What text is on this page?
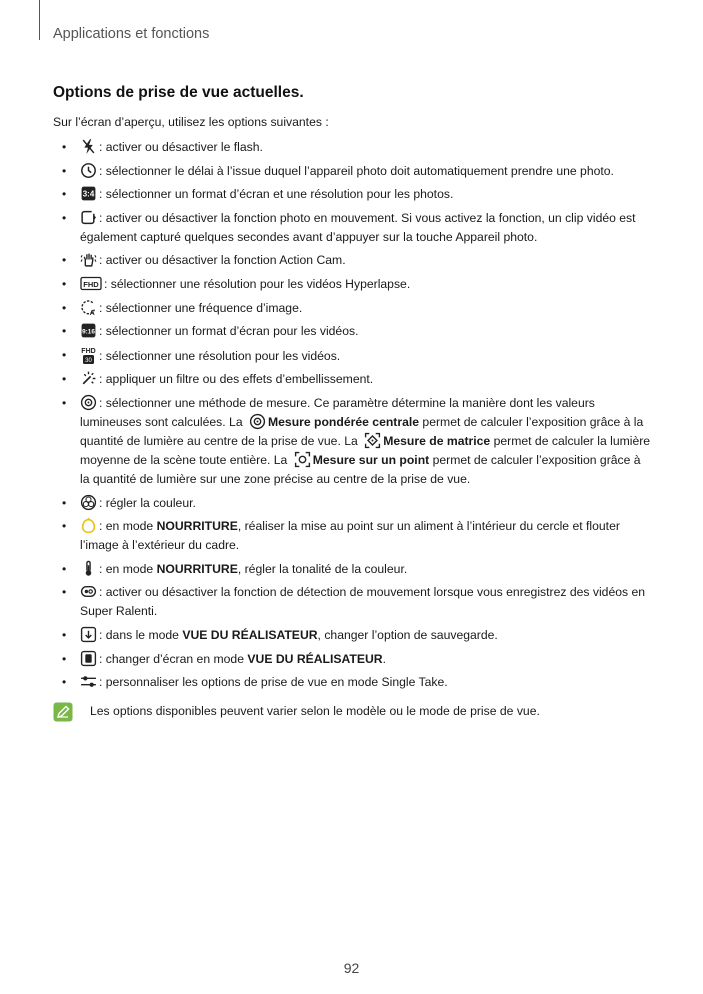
Applications et fonctions
Options de prise de vue actuelles.
Sur l’écran d’aperçu, utilisez les options suivantes :
•	: activer ou désactiver le flash.
•	: sélectionner le délai à l’issue duquel l’appareil photo doit automatiquement prendre une photo.
• 3:4 : sélectionner un format d’écran et une résolution pour les photos.
•	: activer ou désactiver la fonction photo en mouvement. Si vous activez la fonction, un clip vidéo est également capturé quelques secondes avant d’appuyer sur la touche Appareil photo.
•	: activer ou désactiver la fonction Action Cam.
• FHD : sélectionner une résolution pour les vidéos Hyperlapse.
•	A : sélectionner une fréquence d’image.
•	9:16 : sélectionner un format d’écran pour les vidéos.
• FHD
30 : sélectionner une résolution pour les vidéos.
•	: appliquer un filtre ou des effets d’embellissement.
•	: sélectionner une méthode de mesure. Ce paramètre détermine la manière dont les valeurs lumineuses sont calculées. La Mesure pondérée centrale permet de calculer l’exposition grâce à la quantité de lumière au centre de la prise de vue. La Mesure de matrice permet de calculer la lumière moyenne de la scène toute entière. La Mesure sur un point permet de calculer l’exposition grâce à la quantité de lumière sur une zone précise au centre de la prise de vue.
•	: régler la couleur.
•	: en mode NOURRITURE, réaliser la mise au point sur un aliment à l’intérieur du cercle et flouter l’image à l’extérieur du cadre.
•	: en mode NOURRITURE, régler la tonalité de la couleur.
•	: activer ou désactiver la fonction de détection de mouvement lorsque vous enregistrez des vidéos en Super Ralenti.
•	: dans le mode VUE DU RÉALISATEUR, changer l’option de sauvegarde.
•	: changer d’écran en mode VUE DU RÉALISATEUR.
•	: personnaliser les options de prise de vue en mode Single Take.
Les options disponibles peuvent varier selon le modèle ou le mode de prise de vue.
92
